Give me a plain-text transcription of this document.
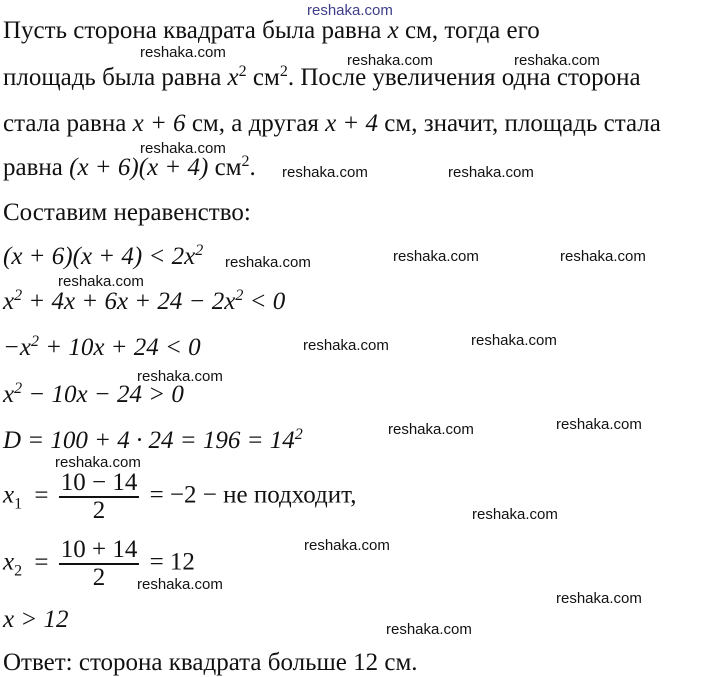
reshaka.com
Пусть сторона квадрата была равна x см, тогда его
reshaka.com	reshaka.com	reshaka.com
площадь была равна $x^2$ $см^2$. После увеличения одна сторона
стала равна x + 6 см, а другая x + 4 см, значит, площадь стала
reshaka.com
равна (x + 6)(x + 4) $см^2$. reshaka.com	reshaka.com
Составим неравенство:
$(x + 6)(x + 4) < 2x^2$
reshaka.com	reshaka.com	reshaka.com
reshaka.com
$x^2 + 4x + 6x + 24 - 2x^2 < 0$
$-x^2 + 10x + 24 < 0$	reshaka.com	reshaka.com
reshaka.com
$x^2 - 10x - 24 > 0$
$D = 100 + 4 \cdot 24 = 196 = 14^2$	reshaka.com	reshaka.com
reshaka.com
$x_1 = \frac{10 - 14}{2} = -2$ − не подходит,
reshaka.com
$x_2 = \frac{10 + 14}{2} = 12$
reshaka.com
reshaka.com
reshaka.com
x > 12	reshaka.com
Ответ: сторона квадрата больше 12 см.
